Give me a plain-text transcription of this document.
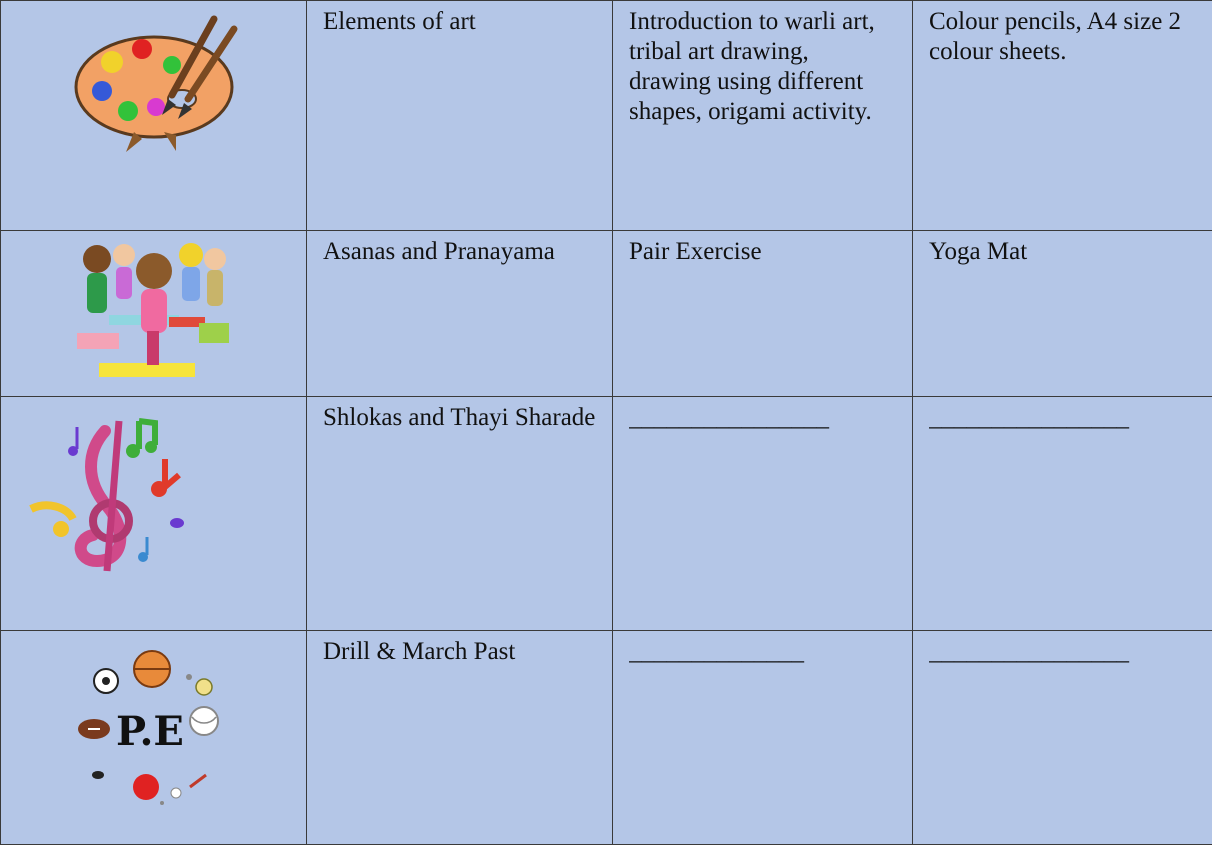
	Elements of art	Introduction to warli art, tribal art drawing, drawing using different shapes, origami activity.	Colour pencils, A4 size 2 colour sheets.

	Asanas and Pranayama	Pair Exercise	Yoga Mat

	Shlokas and Thayi Sharade	________________	________________

P.E	Drill & March Past	______________	________________
